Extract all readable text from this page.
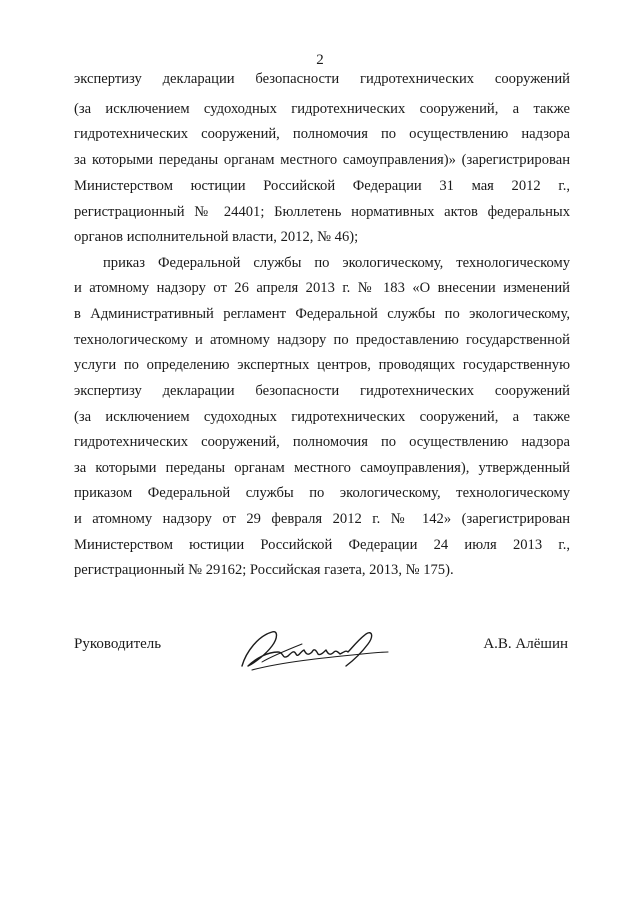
2
экспертизу декларации безопасности гидротехнических сооружений
(за исключением судоходных гидротехнических сооружений, а также
гидротехнических сооружений, полномочия по осуществлению надзора
за которыми переданы органам местного самоуправления)» (зарегистрирован
Министерством юстиции Российской Федерации 31 мая 2012 г.,
регистрационный № 24401; Бюллетень нормативных актов федеральных
органов исполнительной власти, 2012, № 46);
приказ Федеральной службы по экологическому, технологическому
и атомному надзору от 26 апреля 2013 г. № 183 «О внесении изменений
в Административный регламент Федеральной службы по экологическому,
технологическому и атомному надзору по предоставлению государственной
услуги по определению экспертных центров, проводящих государственную
экспертизу декларации безопасности гидротехнических сооружений
(за исключением судоходных гидротехнических сооружений, а также
гидротехнических сооружений, полномочия по осуществлению надзора
за которыми переданы органам местного самоуправления), утвержденный
приказом Федеральной службы по экологическому, технологическому
и атомному надзору от 29 февраля 2012 г. № 142» (зарегистрирован
Министерством юстиции Российской Федерации 24 июля 2013 г.,
регистрационный № 29162; Российская газета, 2013, № 175).
Руководитель	А.В. Алёшин
